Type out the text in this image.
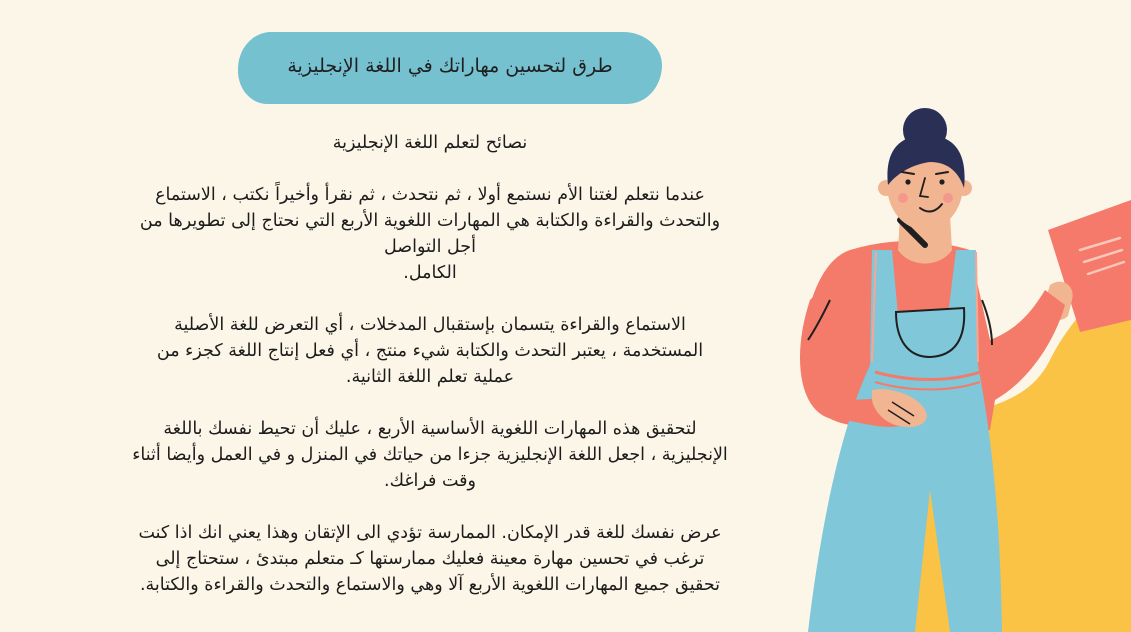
طرق لتحسين مهاراتك في اللغة الإنجليزية

نصائح لتعلم اللغة الإنجليزية

عندما نتعلم لغتنا الأم نستمع أولا ، ثم نتحدث ، ثم نقرأ وأخيراً نكتب ، الاستماع
والتحدث والقراءة والكتابة هي المهارات اللغوية الأربع التي نحتاج إلى تطويرها من
أجل التواصل
الكامل.

الاستماع والقراءة يتسمان بإستقبال المدخلات ، أي التعرض للغة الأصلية
المستخدمة ، يعتبر التحدث والكتابة شيء منتج ، أي فعل إنتاج اللغة كجزء من
عملية تعلم اللغة الثانية.

لتحقيق هذه المهارات اللغوية الأساسية الأربع ، عليك أن تحيط نفسك باللغة
الإنجليزية ، اجعل اللغة الإنجليزية جزءا من حياتك في المنزل و في العمل وأيضا أثناء
وقت فراغك.

عرض نفسك للغة قدر الإمكان. الممارسة تؤدي الى الإتقان وهذا يعني انك اذا كنت
ترغب في تحسين مهارة معينة فعليك ممارستها كـ متعلم مبتدئ ، ستحتاج إلى
تحقيق جميع المهارات اللغوية الأربع آلا وهي والاستماع والتحدث والقراءة والكتابة.
